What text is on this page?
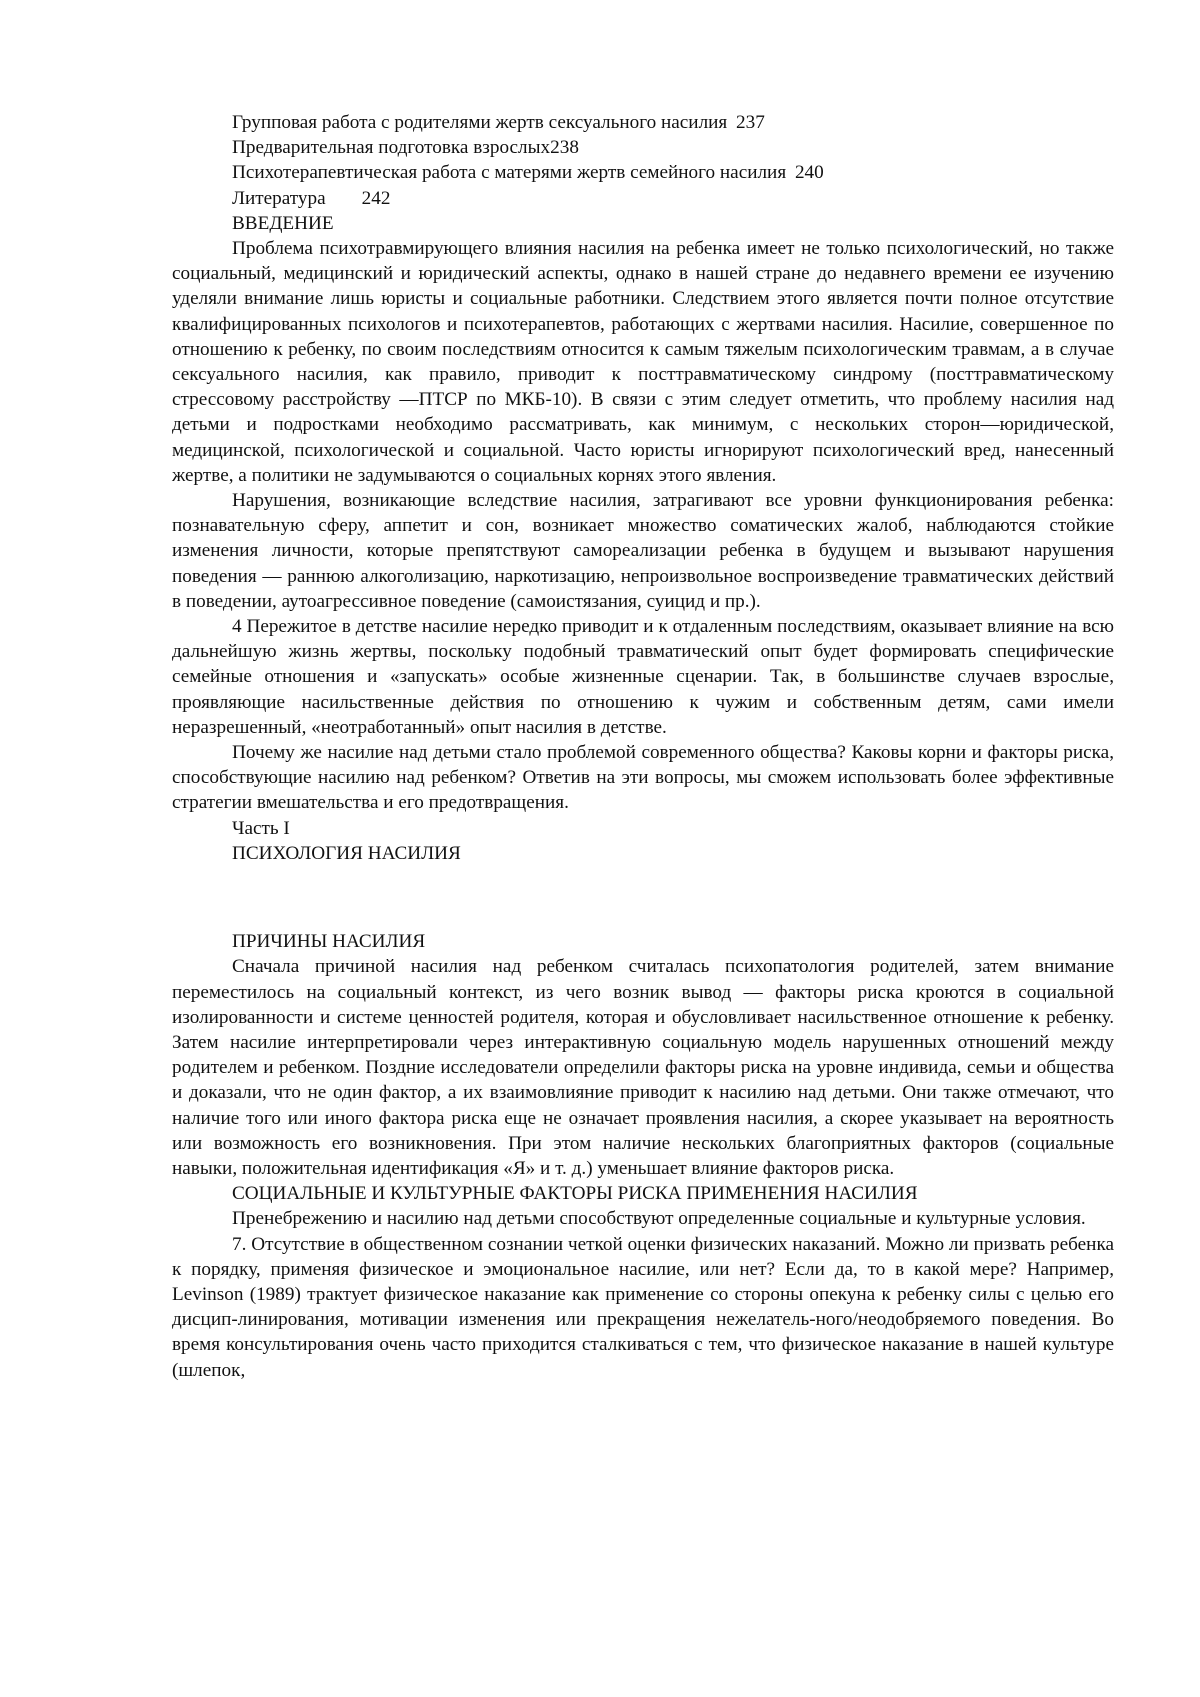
Групповая работа с родителями жертв сексуального насилия 237
Предварительная подготовка взрослых238
Психотерапевтическая работа с матерями жертв семейного насилия 240
Литература 242
ВВЕДЕНИЕ

Проблема психотравмирующего влияния насилия на ребенка имеет не только психологический, но также социальный, медицинский и юридический аспекты, однако в нашей стране до недавнего времени ее изучению уделяли внимание лишь юристы и социальные работники. Следствием этого является почти полное отсутствие квалифицированных психологов и психотерапевтов, работающих с жертвами насилия. Насилие, совершенное по отношению к ребенку, по своим последствиям относится к самым тяжелым психологическим травмам, а в случае сексуального насилия, как правило, приводит к посттравматическому синдрому (посттравматическому стрессовому расстройству —ПТСР по МКБ-10). В связи с этим следует отметить, что проблему насилия над детьми и подростками необходимо рассматривать, как минимум, с нескольких сторон—юридической, медицинской, психологической и социальной. Часто юристы игнорируют психологический вред, нанесенный жертве, а политики не задумываются о социальных корнях этого явления.

Нарушения, возникающие вследствие насилия, затрагивают все уровни функционирования ребенка: познавательную сферу, аппетит и сон, возникает множество соматических жалоб, наблюдаются стойкие изменения личности, которые препятствуют самореализации ребенка в будущем и вызывают нарушения поведения — раннюю алкоголизацию, наркотизацию, непроизвольное воспроизведение травматических действий в поведении, аутоагрессивное поведение (самоистязания, суицид и пр.).

4 Пережитое в детстве насилие нередко приводит и к отдаленным последствиям, оказывает влияние на всю дальнейшую жизнь жертвы, поскольку подобный травматический опыт будет формировать специфические семейные отношения и «запускать» особые жизненные сценарии. Так, в большинстве случаев взрослые, проявляющие насильственные действия по отношению к чужим и собственным детям, сами имели неразрешенный, «неотработанный» опыт насилия в детстве.

Почему же насилие над детьми стало проблемой современного общества? Каковы корни и факторы риска, способствующие насилию над ребенком? Ответив на эти вопросы, мы сможем использовать более эффективные стратегии вмешательства и его предотвращения.

Часть I
ПСИХОЛОГИЯ НАСИЛИЯ
ПРИЧИНЫ НАСИЛИЯ

Сначала причиной насилия над ребенком считалась психопатология родителей, затем внимание переместилось на социальный контекст, из чего возник вывод — факторы риска кроются в социальной изолированности и системе ценностей родителя, которая и обусловливает насильственное отношение к ребенку. Затем насилие интерпретировали через интерактивную социальную модель нарушенных отношений между родителем и ребенком. Поздние исследователи определили факторы риска на уровне индивида, семьи и общества и доказали, что не один фактор, а их взаимовлияние приводит к насилию над детьми. Они также отмечают, что наличие того или иного фактора риска еще не означает проявления насилия, а скорее указывает на вероятность или возможность его возникновения. При этом наличие нескольких благоприятных факторов (социальные навыки, положительная идентификация «Я» и т. д.) уменьшает влияние факторов риска.

СОЦИАЛЬНЫЕ И КУЛЬТУРНЫЕ ФАКТОРЫ РИСКА ПРИМЕНЕНИЯ НАСИЛИЯ

Пренебрежению и насилию над детьми способствуют определенные социальные и культурные условия.

7. Отсутствие в общественном сознании четкой оценки физических наказаний. Можно ли призвать ребенка к порядку, применяя физическое и эмоциональное насилие, или нет? Если да, то в какой мере? Например, Levinson (1989) трактует физическое наказание как применение со стороны опекуна к ребенку силы с целью его дисцип-линирования, мотивации изменения или прекращения нежелатель-ного/неодобряемого поведения. Во время консультирования очень часто приходится сталкиваться с тем, что физическое наказание в нашей культуре (шлепок,
